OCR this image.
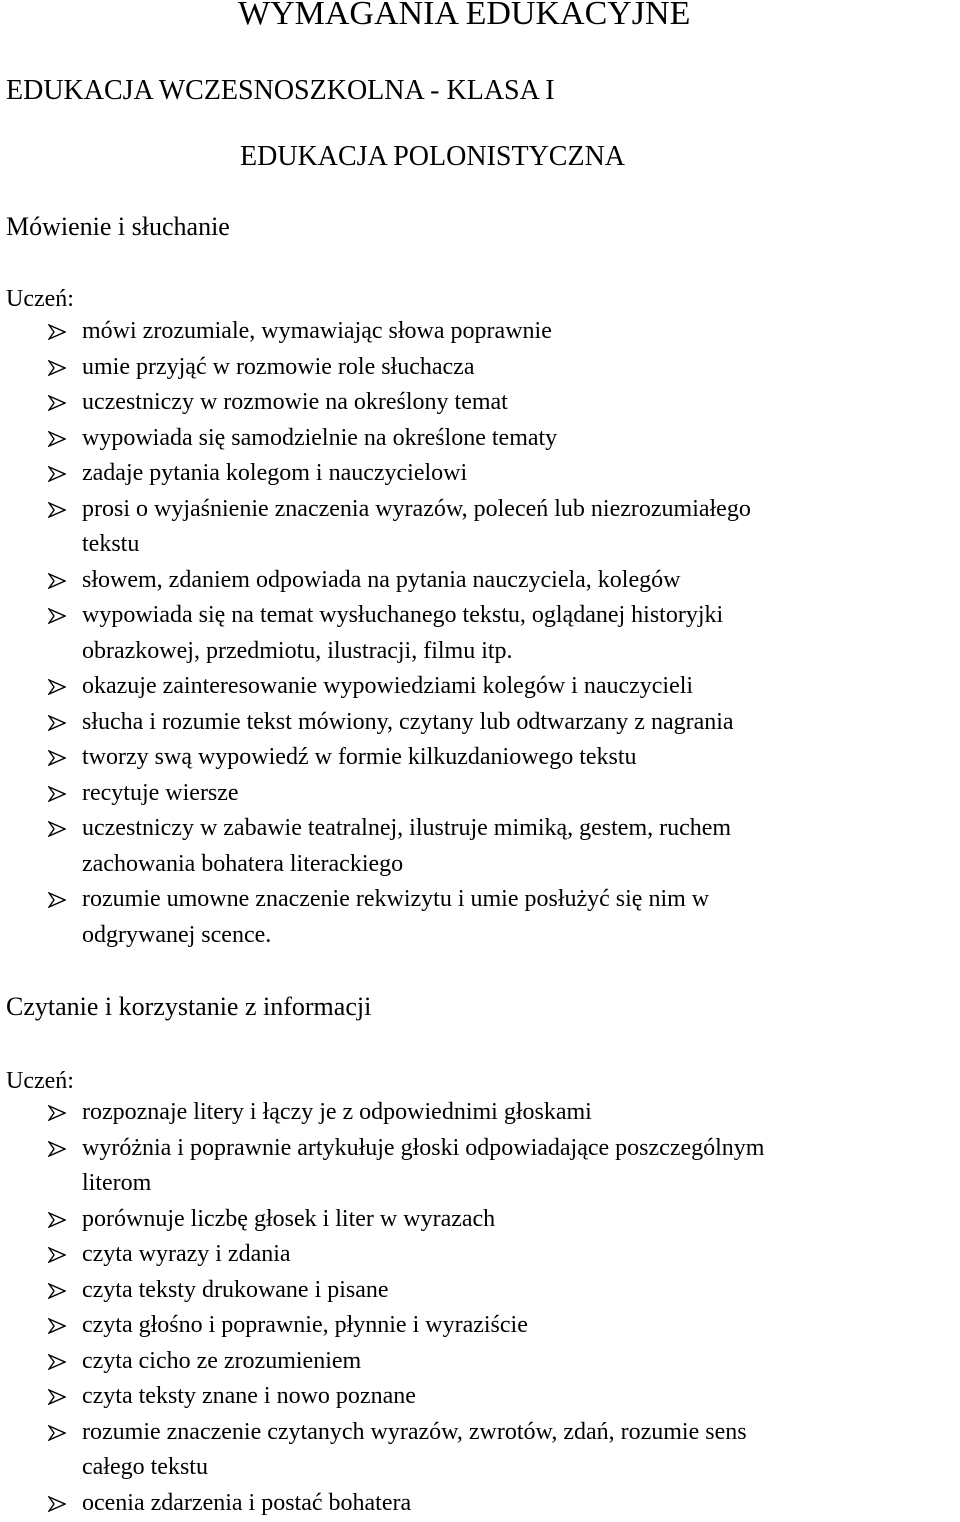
WYMAGANIA EDUKACYJNE
EDUKACJA WCZESNOSZKOLNA - KLASA I
EDUKACJA POLONISTYCZNA
Mówienie i słuchanie
Uczeń:
mówi zrozumiale, wymawiając słowa poprawnie
umie przyjąć w rozmowie role słuchacza
uczestniczy w rozmowie na określony temat
wypowiada się samodzielnie na określone tematy
zadaje pytania kolegom i nauczycielowi
prosi o wyjaśnienie znaczenia wyrazów, poleceń lub niezrozumiałego
tekstu
słowem, zdaniem odpowiada na pytania nauczyciela, kolegów
wypowiada się na temat wysłuchanego tekstu, oglądanej historyjki
obrazkowej, przedmiotu, ilustracji, filmu itp.
okazuje zainteresowanie wypowiedziami kolegów i nauczycieli
słucha i rozumie tekst mówiony, czytany lub odtwarzany z nagrania
tworzy swą wypowiedź w formie kilkuzdaniowego tekstu
recytuje wiersze
uczestniczy w zabawie teatralnej, ilustruje mimiką, gestem, ruchem
zachowania bohatera literackiego
rozumie umowne znaczenie rekwizytu i umie posłużyć się nim w
odgrywanej scence.
Czytanie i korzystanie z informacji
Uczeń:
rozpoznaje litery i łączy je z odpowiednimi głoskami
wyróżnia i poprawnie artykułuje głoski odpowiadające poszczególnym
literom
porównuje liczbę głosek i liter w wyrazach
czyta wyrazy i zdania
czyta teksty drukowane i pisane
czyta głośno i poprawnie, płynnie i wyraziście
czyta cicho ze zrozumieniem
czyta teksty znane i nowo poznane
rozumie znaczenie czytanych wyrazów, zwrotów, zdań, rozumie sens
całego tekstu
ocenia zdarzenia i postać bohatera
